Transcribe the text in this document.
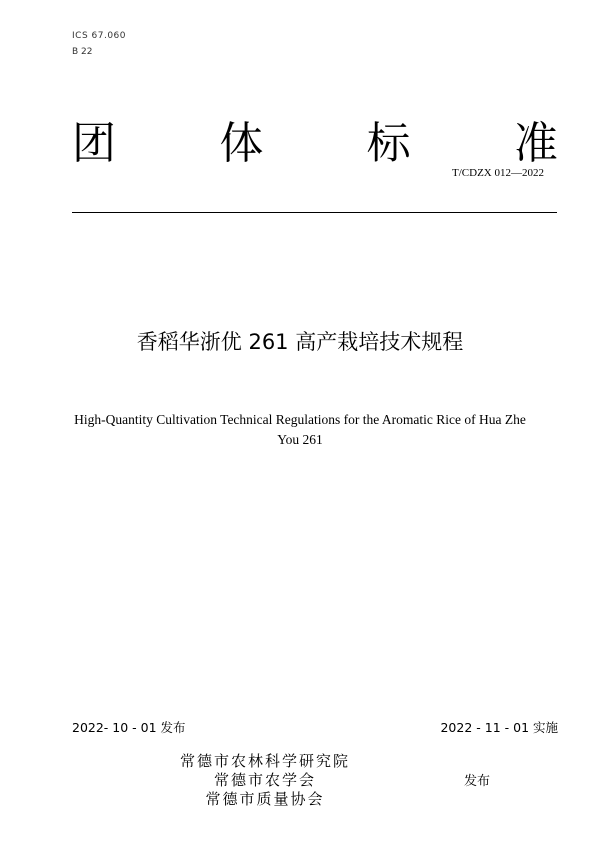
ICS 67.060
B 22
团 体 标 准
T/CDZX 012—2022
香稻华浙优 261 高产栽培技术规程
High-Quantity Cultivation Technical Regulations for the Aromatic Rice of Hua Zhe
You 261
2022- 10 - 01 发布	2022 - 11 - 01 实施
常德市农林科学研究院
常德市农学会
常德市质量协会
发布
